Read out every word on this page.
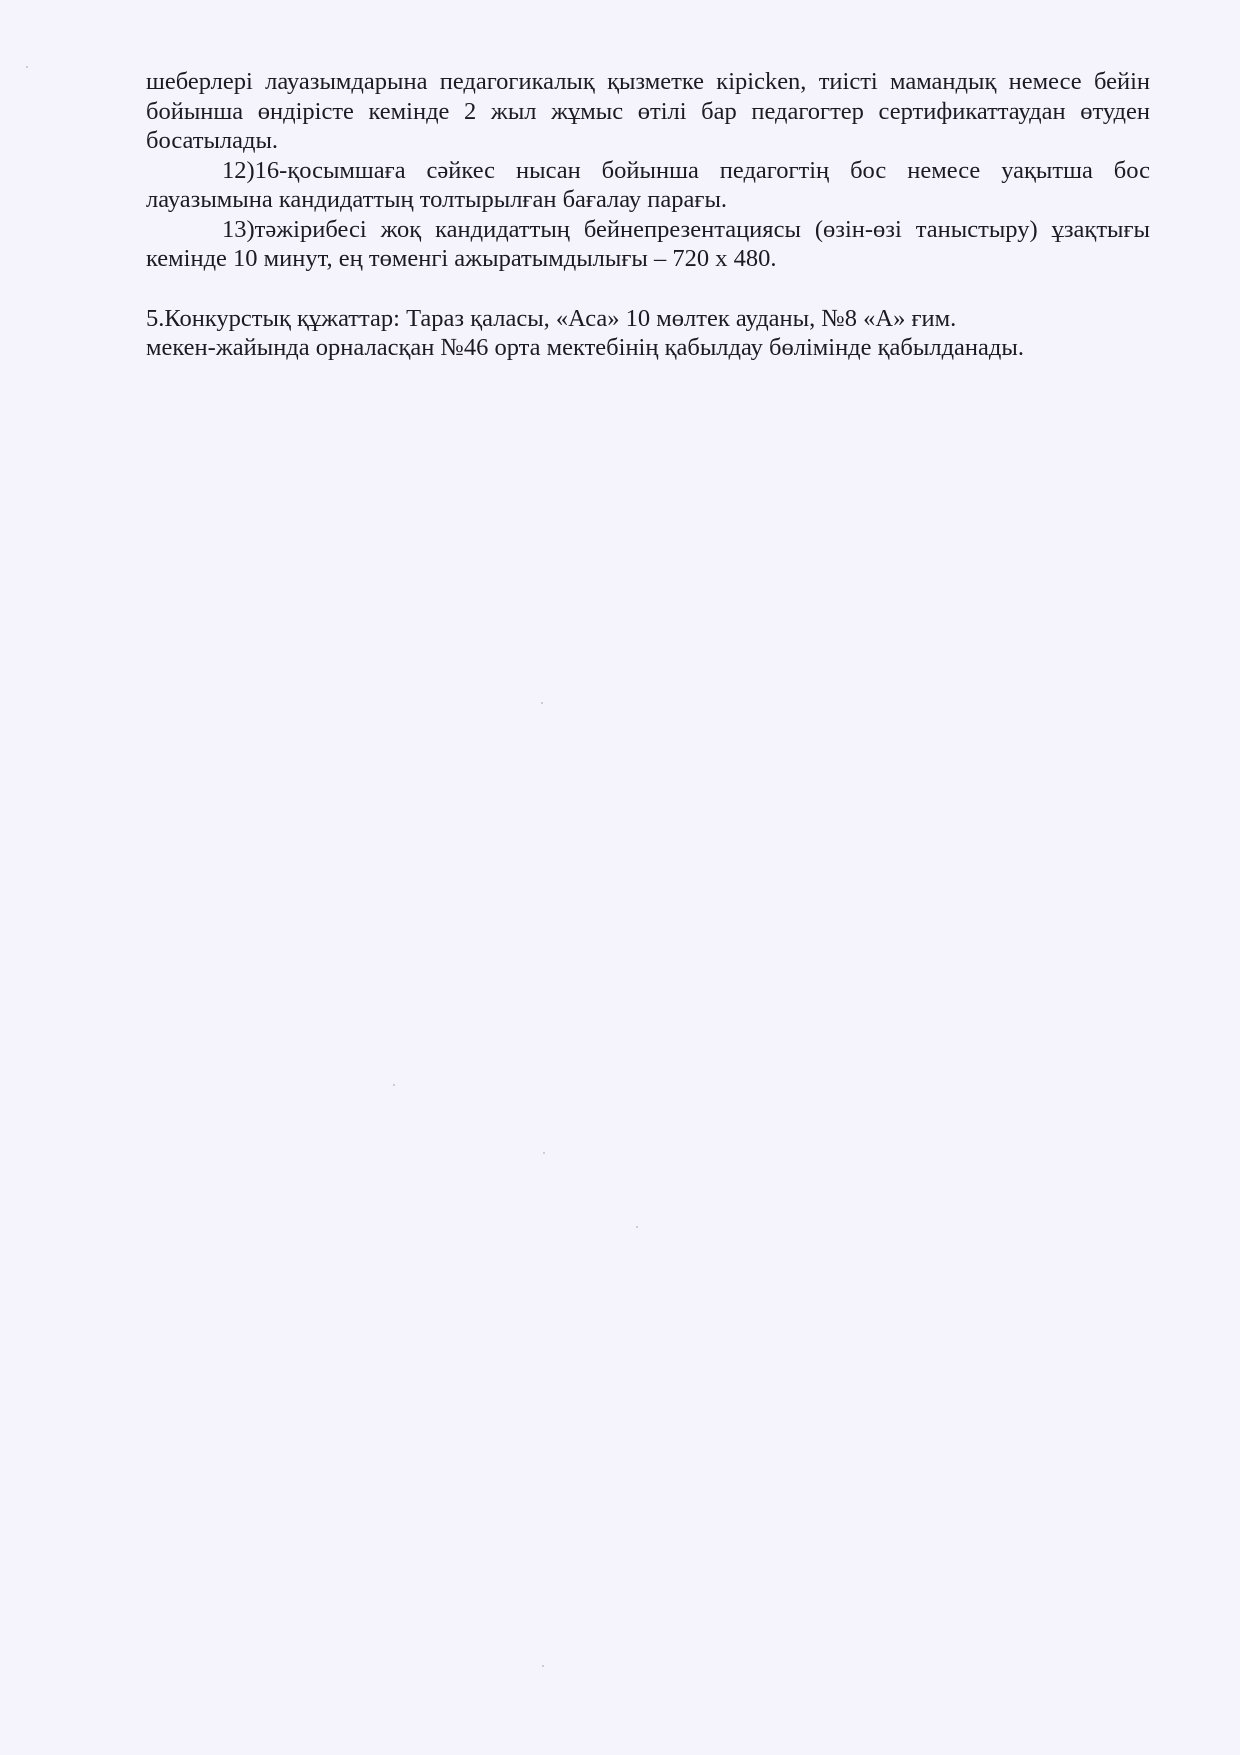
шеберлері лауазымдарына педагогикалық қызметке кірісken, тиісті мамандық немесе бейін бойынша өндірісте кемінде 2 жыл жұмыс өтілі бар педагогтер сертификаттаудан өтуден босатылады.

12)16-қосымшаға сәйкес нысан бойынша педагогтің бос немесе уақытша бос лауазымына кандидаттың толтырылған бағалау парағы.

13)тәжірибесі жоқ кандидаттың бейнепрезентациясы (өзін-өзі таныстыру) ұзақтығы кемінде 10 минут, ең төменгі ажыратымдылығы – 720 x 480.

5.Конкурстық құжаттар: Тараз қаласы, «Аса» 10 мөлтек ауданы, №8 «А» ғим.

мекен-жайында орналасқан №46 орта мектебінің қабылдау бөлімінде қабылданады.
